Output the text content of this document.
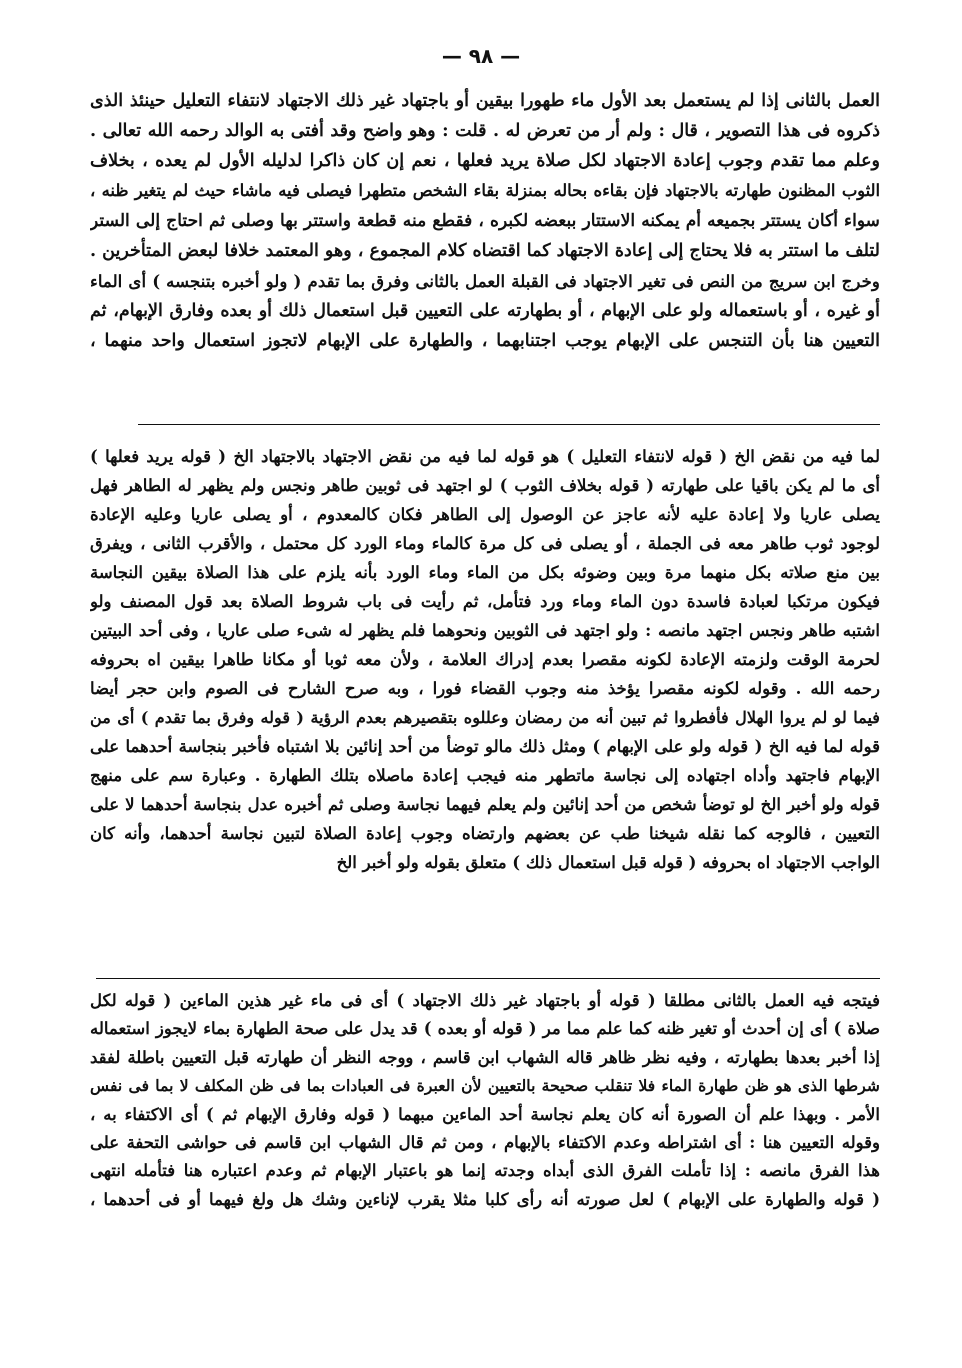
— ٩٨ —
العمل بالثانى إذا لم يستعمل بعد الأول ماء طهورا بيقين أو باجتهاد غير ذلك الاجتهاد لانتفاء التعليل حينئذ الذى
ذكروه فى هذا التصوير ، قال : ولم أر من تعرض له . قلت : وهو واضح وقد أفتى به الوالد رحمه الله تعالى .
وعلم مما تقدم وجوب إعادة الاجتهاد لكل صلاة يريد فعلها ، نعم إن كان ذاكرا لدليله الأول لم يعده ، بخلاف
الثوب المظنون طهارته بالاجتهاد فإن بقاءه بحاله بمنزلة بقاء الشخص متطهرا فيصلى فيه ماشاء حيث لم يتغير ظنه ،
سواء أكان يستتر بجميعه أم يمكنه الاستتار ببعضه لكبره ، فقطع منه قطعة واستتر بها وصلى ثم احتاج إلى الستر
لتلف ما استتر به فلا يحتاج إلى إعادة الاجتهاد كما اقتضاه كلام المجموع ، وهو المعتمد خلافا لبعض المتأخرين .
وخرج ابن سريج من النص فى تغير الاجتهاد فى القبلة العمل بالثانى وفرق بما تقدم ( ولو أخبره بتنجسه ) أى الماء
أو غيره ، أو باستعماله ولو على الإبهام ، أو بطهارته على التعيين قبل استعمال ذلك أو بعده وفارق الإبهام، ثم
التعيين هنا بأن التنجس على الإبهام يوجب اجتنابهما ، والطهارة على الإبهام لاتجوز استعمال واحد منهما ،
لما فيه من نقض الخ ( قوله لانتفاء التعليل ) هو قوله لما فيه من نقض الاجتهاد بالاجتهاد الخ ( قوله يريد فعلها )
أى ما لم يكن باقيا على طهارته ( قوله بخلاف الثوب ) لو اجتهد فى ثوبين طاهر ونجس ولم يظهر له الطاهر فهل
يصلى عاريا ولا إعادة عليه لأنه عاجز عن الوصول إلى الطاهر فكان كالمعدوم ، أو يصلى عاريا وعليه الإعادة
لوجود ثوب طاهر معه فى الجملة ، أو يصلى فى كل مرة كالماء وماء الورد كل محتمل ، والأقرب الثانى ، ويفرق
بين منع صلاته بكل منهما مرة وبين وضوئه بكل من الماء وماء الورد بأنه يلزم على هذا الصلاة بيقين النجاسة
فيكون مرتكبا لعبادة فاسدة دون الماء وماء ورد فتأمل، ثم رأيت فى باب شروط الصلاة بعد قول المصنف ولو
اشتبه طاهر ونجس اجتهد مانصه : ولو اجتهد فى الثوبين ونحوهما فلم يظهر له شىء صلى عاريا ، وفى أحد البيتين
لحرمة الوقت ولزمته الإعادة لكونه مقصرا بعدم إدراك العلامة ، ولأن معه ثوبا أو مكانا طاهرا بيقين اه بحروفه
رحمه الله . وقوله لكونه مقصرا يؤخذ منه وجوب القضاء فورا ، وبه صرح الشارح فى الصوم وابن حجر أيضا
فيما لو لم يروا الهلال فأفطروا ثم تبين أنه من رمضان وعللوه بتقصيرهم بعدم الرؤية ( قوله وفرق بما تقدم ) أى من
قوله لما فيه الخ ( قوله ولو على الإبهام ) ومثل ذلك مالو توضأ من أحد إنائين بلا اشتباه فأخبر بنجاسة أحدهما على
الإبهام فاجتهد وأداه اجتهاده إلى نجاسة ماتطهر منه فيجب إعادة ماصلاه بتلك الطهارة . وعبارة سم على منهج
قوله ولو أخبر الخ لو توضأ شخص من أحد إنائين ولم يعلم فيهما نجاسة وصلى ثم أخبره عدل بنجاسة أحدهما لا على
التعيين ، فالوجه كما نقله شيخنا طب عن بعضهم وارتضاه وجوب إعادة الصلاة لتبين نجاسة أحدهما، وأنه كان
الواجب الاجتهاد اه بحروفه ( قوله قبل استعمال ذلك ) متعلق بقوله ولو أخبر الخ
فيتجه فيه العمل بالثانى مطلقا ( قوله أو باجتهاد غير ذلك الاجتهاد ) أى فى ماء غير هذين الماءين ( قوله لكل
صلاة ) أى إن أحدث أو تغير ظنه كما علم مما مر ( قوله أو بعده ) قد يدل على صحة الطهارة بماء لايجوز استعماله
إذا أخبر بعدها بطهارته ، وفيه نظر ظاهر قاله الشهاب ابن قاسم ، ووجه النظر أن طهارته قبل التعيين باطلة لفقد
شرطها الذى هو ظن طهارة الماء فلا تنقلب صحيحة بالتعيين لأن العبرة فى العبادات بما فى ظن المكلف لا بما فى نفس
الأمر . وبهذا علم أن الصورة أنه كان يعلم نجاسة أحد الماءين مبهما ( قوله وفارق الإبهام ثم ) أى الاكتفاء به ،
وقوله التعيين هنا : أى اشتراطه وعدم الاكتفاء بالإبهام ، ومن ثم قال الشهاب ابن قاسم فى حواشى التحفة على
هذا الفرق مانصه : إذا تأملت الفرق الذى أبداه وجدته إنما هو باعتبار الإبهام ثم وعدم اعتباره هنا فتأمله انتهى
( قوله والطهارة على الإبهام ) لعل صورته أنه رأى كلبا مثلا يقرب لإناءين وشك هل ولغ فيهما أو فى أحدهما ،
